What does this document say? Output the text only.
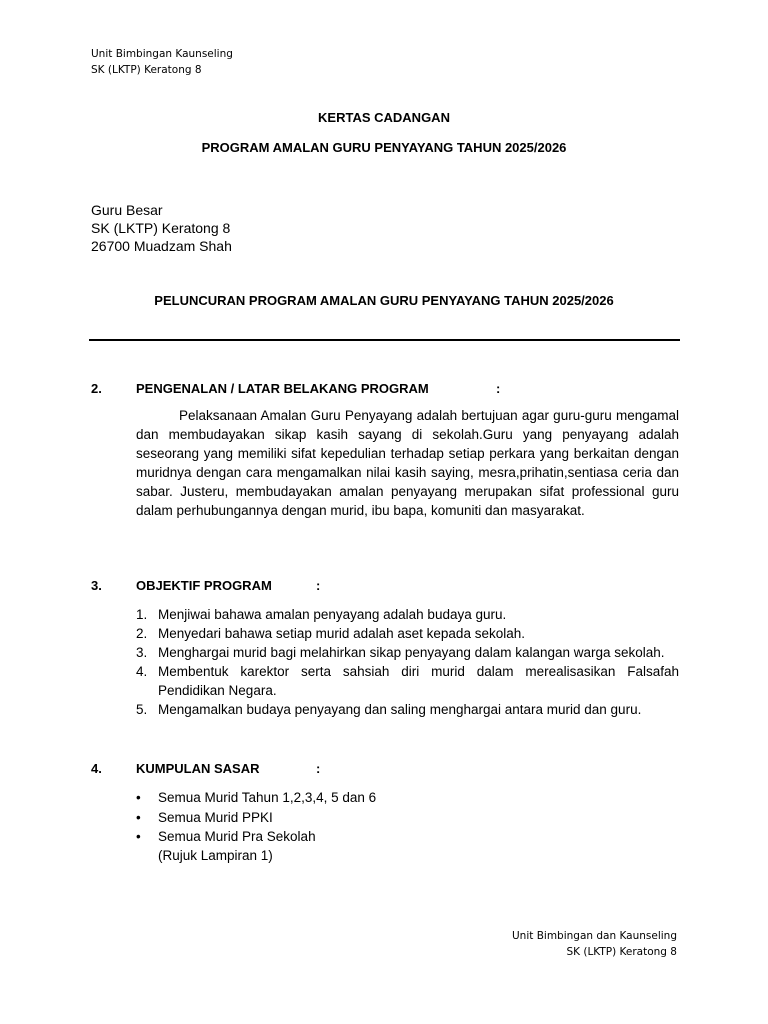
Unit Bimbingan Kaunseling
SK (LKTP) Keratong 8
KERTAS CADANGAN
PROGRAM AMALAN GURU PENYAYANG TAHUN 2025/2026
Guru Besar
SK (LKTP) Keratong 8
26700 Muadzam Shah
PELUNCURAN PROGRAM AMALAN GURU PENYAYANG TAHUN 2025/2026
2.	PENGENALAN / LATAR BELAKANG PROGRAM	:
Pelaksanaan Amalan Guru Penyayang adalah bertujuan agar guru-guru mengamal dan membudayakan sikap kasih sayang di sekolah.Guru yang penyayang adalah seseorang yang memiliki sifat kepedulian terhadap setiap perkara yang berkaitan dengan muridnya dengan cara mengamalkan nilai kasih saying, mesra,prihatin,sentiasa ceria dan sabar. Justeru, membudayakan amalan penyayang merupakan sifat professional guru dalam perhubungannya dengan murid, ibu bapa, komuniti dan masyarakat.
3.	OBJEKTIF PROGRAM	:
1. Menjiwai bahawa amalan penyayang adalah budaya guru.
2. Menyedari bahawa setiap murid adalah aset kepada sekolah.
3. Menghargai murid bagi melahirkan sikap penyayang dalam kalangan warga sekolah.
4. Membentuk karektor serta sahsiah diri murid dalam merealisasikan Falsafah Pendidikan Negara.
5. Mengamalkan budaya penyayang dan saling menghargai antara murid dan guru.
4.	KUMPULAN SASAR	:
• Semua Murid Tahun 1,2,3,4, 5 dan 6
• Semua Murid PPKI
• Semua Murid Pra Sekolah
(Rujuk Lampiran 1)
Unit Bimbingan dan Kaunseling
SK (LKTP) Keratong 8
